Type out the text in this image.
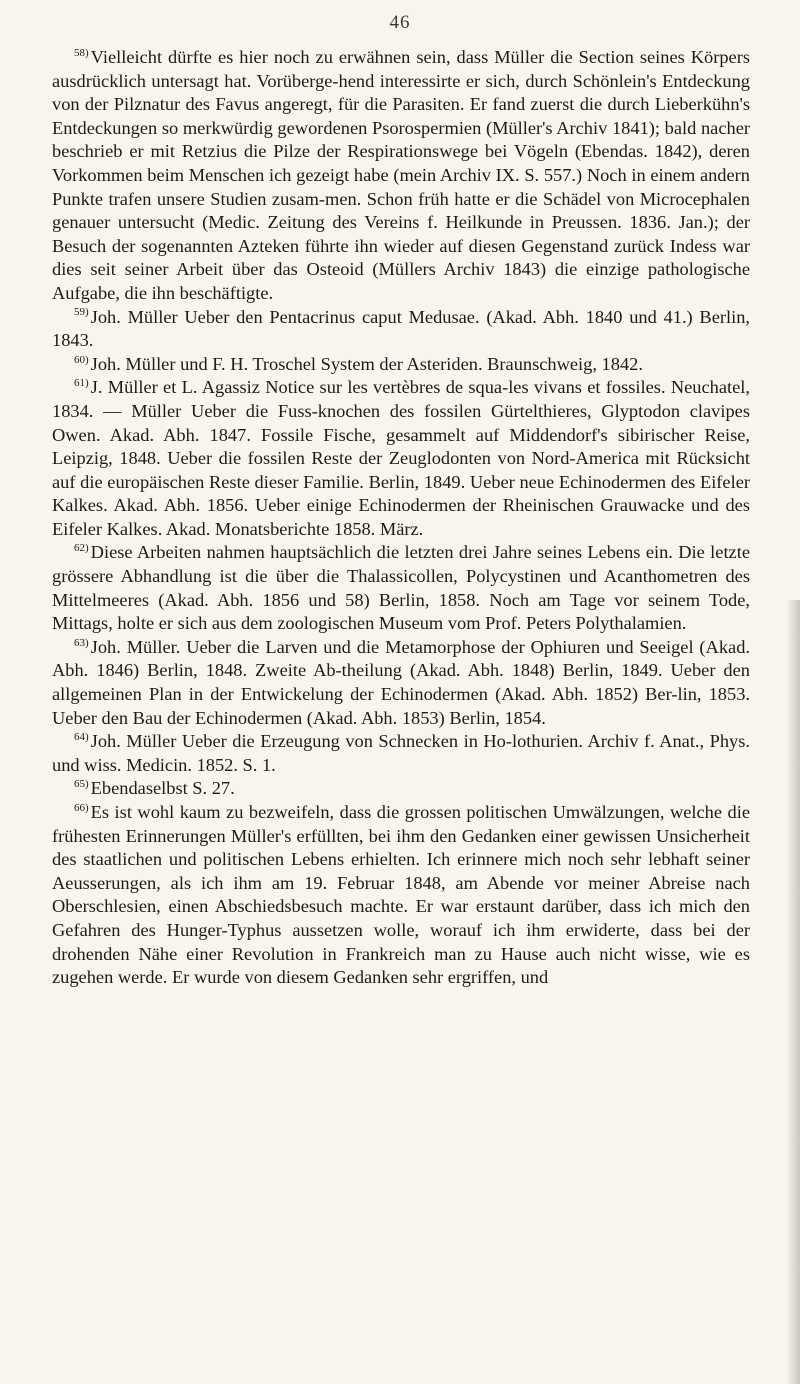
46

$^{58)}$ Vielleicht dürfte es hier noch zu erwähnen sein, dass Müller die Section seines Körpers ausdrücklich untersagt hat. Vorüberge-hend interessirte er sich, durch Schönlein's Entdeckung von der Pilznatur des Favus angeregt, für die Parasiten. Er fand zuerst die durch Lieberkühn's Entdeckungen so merkwürdig gewordenen Psorospermien (Müller's Archiv 1841); bald nacher beschrieb er mit Retzius die Pilze der Respirationswege bei Vögeln (Ebendas. 1842), deren Vorkommen beim Menschen ich gezeigt habe (mein Archiv IX. S. 557.) Noch in einem andern Punkte trafen unsere Studien zusam-men. Schon früh hatte er die Schädel von Microcephalen genauer untersucht (Medic. Zeitung des Vereins f. Heilkunde in Preussen. 1836. Jan.); der Besuch der sogenannten Azteken führte ihn wieder auf diesen Gegenstand zurück Indess war dies seit seiner Arbeit über das Osteoid (Müllers Archiv 1843) die einzige pathologische Aufgabe, die ihn beschäftigte.

$^{59)}$ Joh. Müller Ueber den Pentacrinus caput Medusae. (Akad. Abh. 1840 und 41.) Berlin, 1843.

$^{60)}$ Joh. Müller und F. H. Troschel System der Asteriden. Braunschweig, 1842.

$^{61)}$ J. Müller et L. Agassiz Notice sur les vertèbres de squa-les vivans et fossiles. Neuchatel, 1834. — Müller Ueber die Fuss-knochen des fossilen Gürtelthieres, Glyptodon clavipes Owen. Akad. Abh. 1847. Fossile Fische, gesammelt auf Middendorf's sibirischer Reise, Leipzig, 1848. Ueber die fossilen Reste der Zeuglodonten von Nord-America mit Rücksicht auf die europäischen Reste dieser Familie. Berlin, 1849. Ueber neue Echinodermen des Eifeler Kalkes. Akad. Abh. 1856. Ueber einige Echinodermen der Rheinischen Grauwacke und des Eifeler Kalkes. Akad. Monatsberichte 1858. März.

$^{62)}$ Diese Arbeiten nahmen hauptsächlich die letzten drei Jahre seines Lebens ein. Die letzte grössere Abhandlung ist die über die Thalassicollen, Polycystinen und Acanthometren des Mittelmeeres (Akad. Abh. 1856 und 58) Berlin, 1858. Noch am Tage vor seinem Tode, Mittags, holte er sich aus dem zoologischen Museum vom Prof. Peters Polythalamien.

$^{63)}$ Joh. Müller. Ueber die Larven und die Metamorphose der Ophiuren und Seeigel (Akad. Abh. 1846) Berlin, 1848. Zweite Ab-theilung (Akad. Abh. 1848) Berlin, 1849. Ueber den allgemeinen Plan in der Entwickelung der Echinodermen (Akad. Abh. 1852) Ber-lin, 1853. Ueber den Bau der Echinodermen (Akad. Abh. 1853) Berlin, 1854.

$^{64)}$ Joh. Müller Ueber die Erzeugung von Schnecken in Ho-lothurien. Archiv f. Anat., Phys. und wiss. Medicin. 1852. S. 1.

$^{65)}$ Ebendaselbst S. 27.

$^{66)}$ Es ist wohl kaum zu bezweifeln, dass die grossen politischen Umwälzungen, welche die frühesten Erinnerungen Müller's erfüllten, bei ihm den Gedanken einer gewissen Unsicherheit des staatlichen und politischen Lebens erhielten. Ich erinnere mich noch sehr lebhaft seiner Aeusserungen, als ich ihm am 19. Februar 1848, am Abende vor meiner Abreise nach Oberschlesien, einen Abschiedsbesuch machte. Er war erstaunt darüber, dass ich mich den Gefahren des Hunger-Typhus aussetzen wolle, worauf ich ihm erwiderte, dass bei der drohenden Nähe einer Revolution in Frankreich man zu Hause auch nicht wisse, wie es zugehen werde. Er wurde von diesem Gedanken sehr ergriffen, und
